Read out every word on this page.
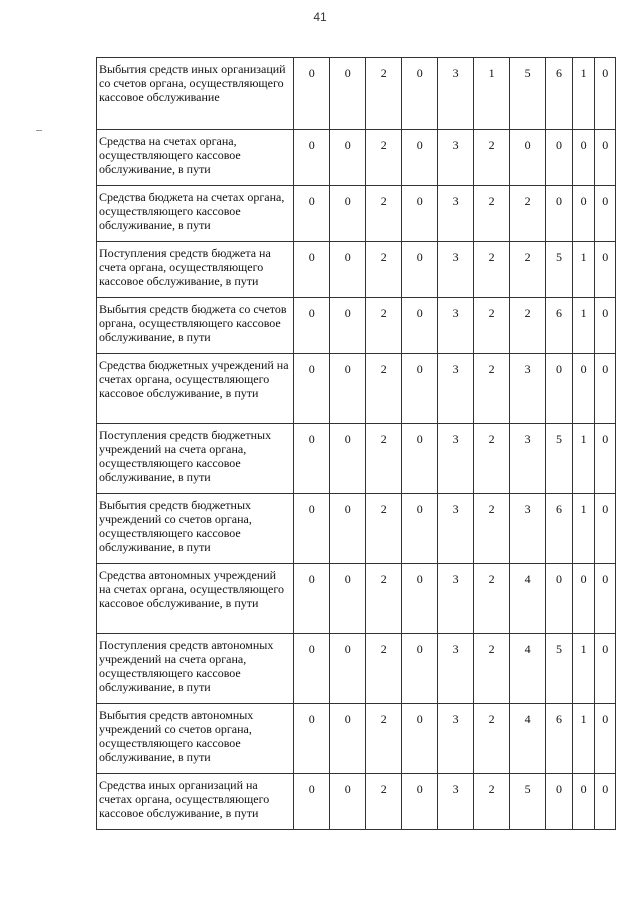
41
Выбытия средств иных организаций со счетов органа, осуществляющего кассовое обслуживание	0	0	2	0	3	1	5	6	1	0
Средства на счетах органа, осуществляющего кассовое обслуживание, в пути	0	0	2	0	3	2	0	0	0	0
Средства бюджета на счетах органа, осуществляющего кассовое обслуживание, в пути	0	0	2	0	3	2	2	0	0	0
Поступления средств бюджета на счета органа, осуществляющего кассовое обслуживание, в пути	0	0	2	0	3	2	2	5	1	0
Выбытия средств бюджета со счетов органа, осуществляющего кассовое обслуживание, в пути	0	0	2	0	3	2	2	6	1	0
Средства бюджетных учреждений на счетах органа, осуществляющего кассовое обслуживание, в пути	0	0	2	0	3	2	3	0	0	0
Поступления средств бюджетных учреждений на счета органа, осуществляющего кассовое обслуживание, в пути	0	0	2	0	3	2	3	5	1	0
Выбытия средств бюджетных учреждений со счетов органа, осуществляющего кассовое обслуживание, в пути	0	0	2	0	3	2	3	6	1	0
Средства автономных учреждений на счетах органа, осуществляющего кассовое обслуживание, в пути	0	0	2	0	3	2	4	0	0	0
Поступления средств автономных учреждений на счета органа, осуществляющего кассовое обслуживание, в пути	0	0	2	0	3	2	4	5	1	0
Выбытия средств автономных учреждений со счетов органа, осуществляющего кассовое обслуживание, в пути	0	0	2	0	3	2	4	6	1	0
Средства иных организаций на счетах органа, осуществляющего кассовое обслуживание, в пути	0	0	2	0	3	2	5	0	0	0
